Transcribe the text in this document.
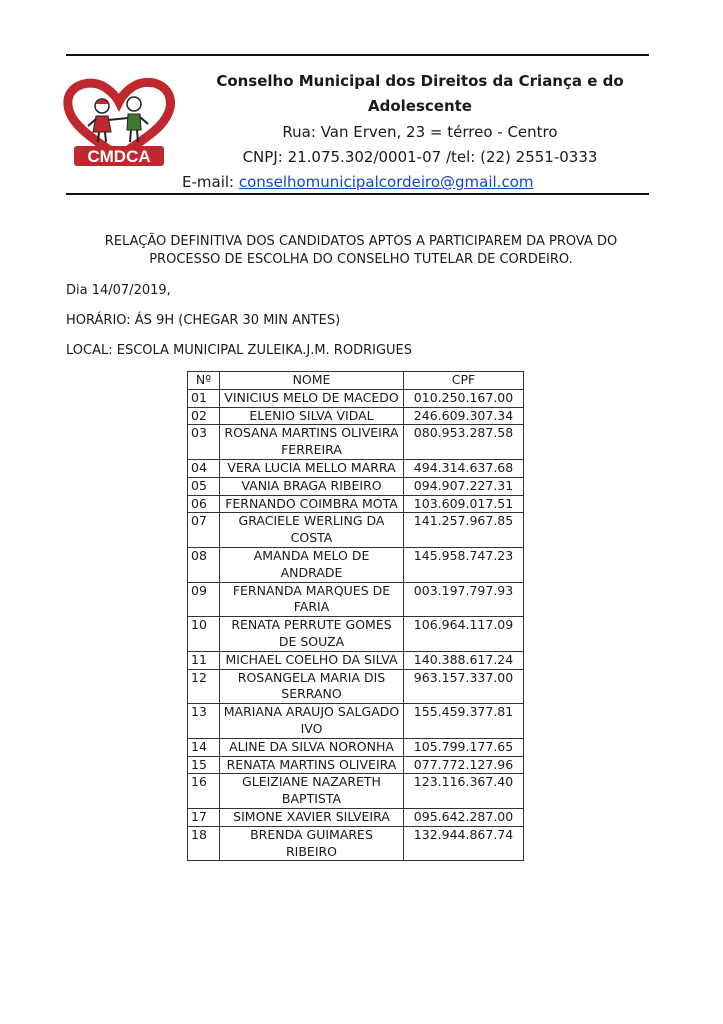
CMDCA
Conselho Municipal dos Direitos da Criança e do
Adolescente
Rua: Van Erven, 23 = térreo - Centro
CNPJ: 21.075.302/0001-07 /tel: (22) 2551-0333
E-mail: conselhomunicipalcordeiro@gmail.com
RELAÇÃO DEFINITIVA DOS CANDIDATOS APTOS A PARTICIPAREM DA PROVA DO
PROCESSO DE ESCOLHA DO CONSELHO TUTELAR DE CORDEIRO.
Dia 14/07/2019,
HORÁRIO: ÁS 9H (CHEGAR 30 MIN ANTES)
LOCAL: ESCOLA MUNICIPAL ZULEIKA.J.M. RODRIGUES
Nº	NOME	CPF
01	VINICIUS MELO DE MACEDO	010.250.167.00
02	ELENIO SILVA VIDAL	246.609.307.34
03	ROSANA MARTINS OLIVEIRA FERREIRA	080.953.287.58
04	VERA LUCIA MELLO MARRA	494.314.637.68
05	VANIA BRAGA RIBEIRO	094.907.227.31
06	FERNANDO COIMBRA MOTA	103.609.017.51
07	GRACIELE WERLING DA COSTA	141.257.967.85
08	AMANDA MELO DE ANDRADE	145.958.747.23
09	FERNANDA MARQUES DE FARIA	003.197.797.93
10	RENATA PERRUTE GOMES DE SOUZA	106.964.117.09
11	MICHAEL COELHO DA SILVA	140.388.617.24
12	ROSANGELA MARIA DIS SERRANO	963.157.337.00
13	MARIANA ARAUJO SALGADO IVO	155.459.377.81
14	ALINE DA SILVA NORONHA	105.799.177.65
15	RENATA MARTINS OLIVEIRA	077.772.127.96
16	GLEIZIANE NAZARETH BAPTISTA	123.116.367.40
17	SIMONE XAVIER SILVEIRA	095.642.287.00
18	BRENDA GUIMARES RIBEIRO	132.944.867.74
